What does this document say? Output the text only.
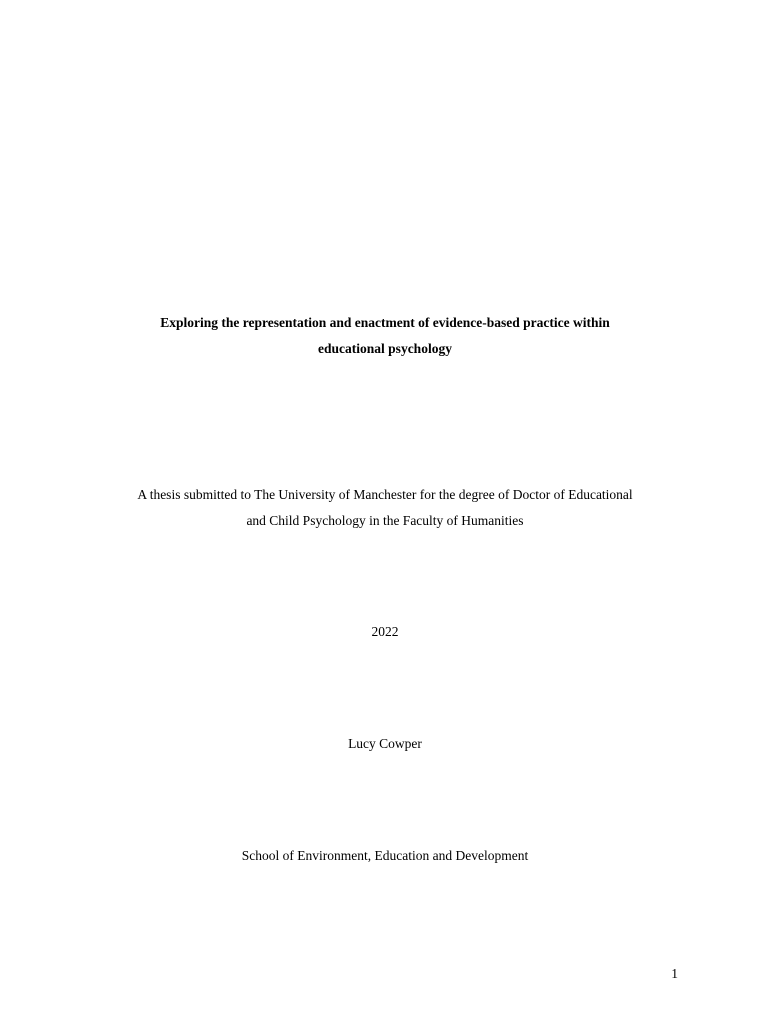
Exploring the representation and enactment of evidence-based practice within
educational psychology
A thesis submitted to The University of Manchester for the degree of Doctor of Educational
and Child Psychology in the Faculty of Humanities
2022
Lucy Cowper
School of Environment, Education and Development
1
